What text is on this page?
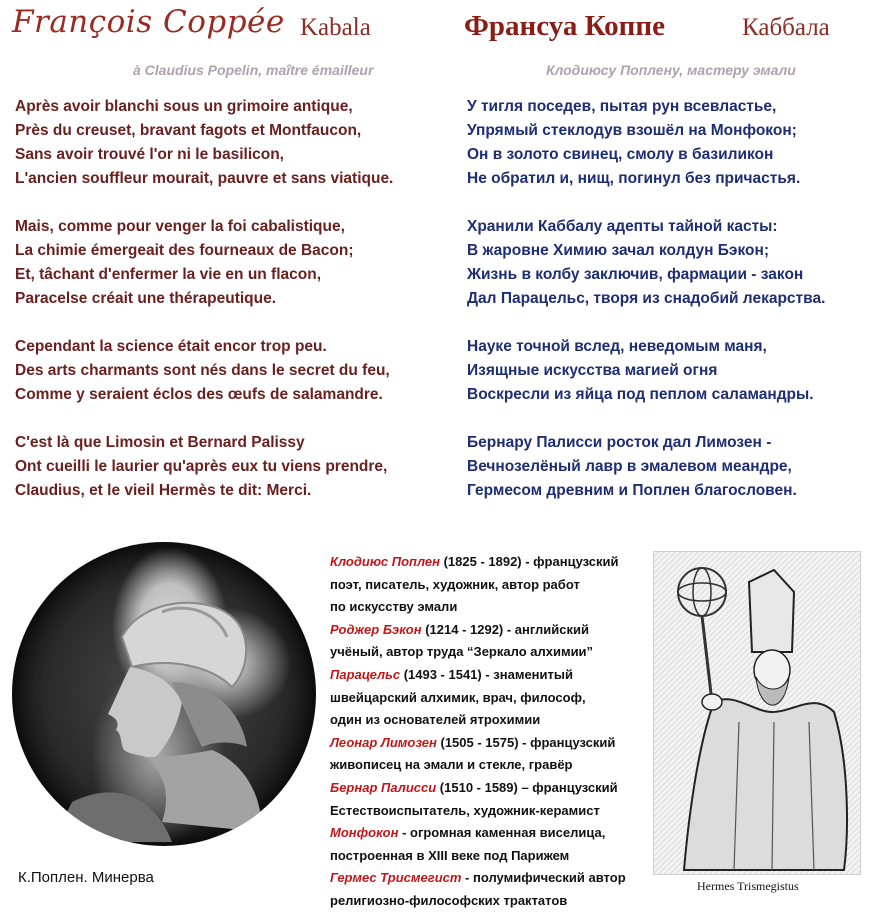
François Coppée Kabala	Франсуа Коппе	Каббала
à Claudius Popelin, maître émailleur	Клодиюсу Поплену, мастеру эмали
Après avoir blanchi sous un grimoire antique,
Près du creuset, bravant fagots et Montfaucon,
Sans avoir trouvé l'or ni le basilicon,
L'ancien souffleur mourait, pauvre et sans viatique.
Mais, comme pour venger la foi cabalistique,
La chimie émergeait des fourneaux de Bacon;
Et, tâchant d'enfermer la vie en un flacon,
Paracelse créait une thérapeutique.
Cependant la science était encor trop peu.
Des arts charmants sont nés dans le secret du feu,
Comme y seraient éclos des œufs de salamandre.
C'est là que Limosin et Bernard Palissy
Ont cueilli le laurier qu'après eux tu viens prendre,
Claudius, et le vieil Hermès te dit: Merci.
У тигля поседев, пытая рун всевластье,
Упрямый стеклодув взошёл на Монфокон;
Он в золото свинец, смолу в базиликон
Не обратил и, нищ, погинул без причастья.
Хранили Каббалу адепты тайной касты:
В жаровне Химию зачал колдун Бэкон;
Жизнь в колбу заключив, фармации - закон
Дал Парацельс, творя из снадобий лекарства.
Науке точной вслед, неведомым маня,
Изящные искусства магией огня
Воскресли из яйца под пеплом саламандры.
Бернару Палисси росток дал Лимозен -
Вечнозелёный лавр в эмалевом меандре,
Гермесом древним и Поплен благословен.
К.Поплен. Минерва
Клодиюс Поплен (1825 - 1892) - французский
поэт, писатель, художник, автор работ
по искусству эмали
Роджер Бэкон (1214 - 1292) - английский
учёный, автор труда “Зеркало алхимии”
Парацельс (1493 - 1541) - знаменитый
швейцарский алхимик, врач, философ,
один из основателей ятрохимии
Леонар Лимозен (1505 - 1575) - французский
живописец на эмали и стекле, гравёр
Бернар Палисси (1510 - 1589) – французский
Естествоиспытатель, художник-керамист
Монфокон - огромная каменная виселица,
построенная в XIII веке под Парижем
Гермес Трисмегист - полумифический автор
религиозно-философских трактатов
Hermes Trismegistus
